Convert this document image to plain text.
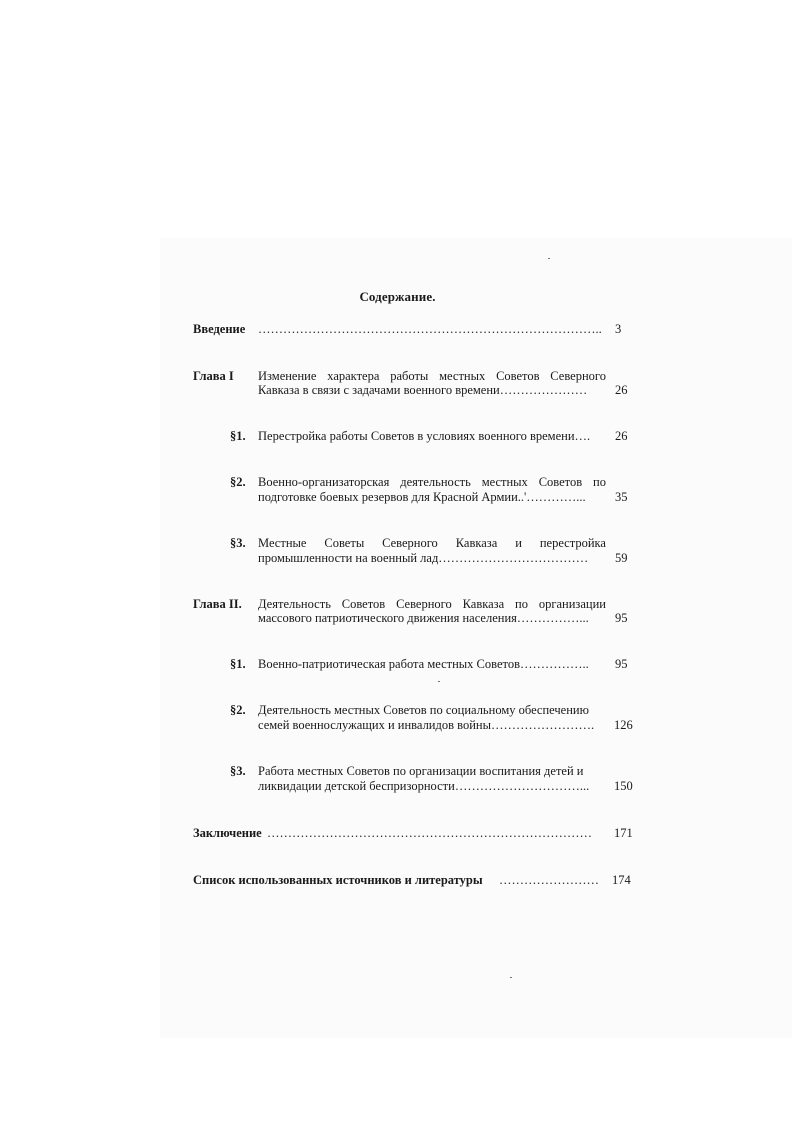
Содержание.
Введение ……………………………………………………………………….. 3
Глава I Изменение характера работы местных Советов Северного
Кавказа в связи с задачами военного времени………………… 26
§1. Перестройка работы Советов в условиях военного времени…. 26
§2. Военно-организаторская деятельность местных Советов по
подготовке боевых резервов для Красной Армии..'…………... 35
§3. Местные Советы Северного Кавказа и перестройка
промышленности на военный лад……………………………… 59
Глава II. Деятельность Советов Северного Кавказа по организации
массового патриотического движения населения……………... 95
§1. Военно-патриотическая работа местных Советов…………….. 95
§2. Деятельность местных Советов по социальному обеспечению
семей военнослужащих и инвалидов войны……………………. 126
§3. Работа местных Советов по организации воспитания детей и
ликвидации детской беспризорности…………………………... 150
Заключение …………………………………………………………………… 171
Список использованных источников и литературы …………………… 174
